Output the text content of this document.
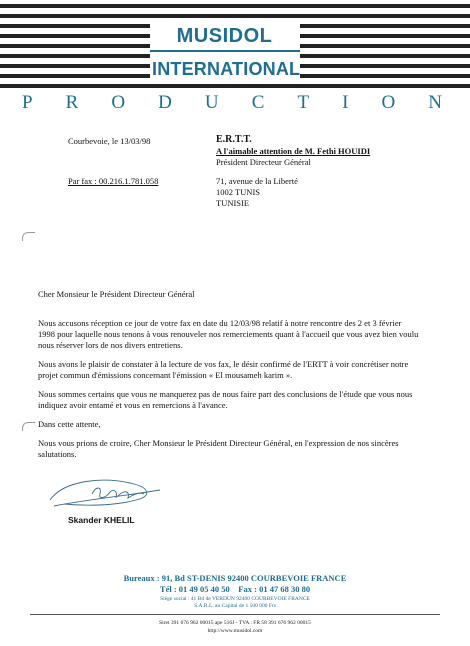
MUSIDOL
INTERNATIONAL
P R O D U C T I O N
Courbevoie, le 13/03/98
Par fax : 00.216.1.781.058
E.R.T.T.
A l'aimable attention de M. Fethi HOUIDI
Président Directeur Général
71, avenue de la Liberté
1002 TUNIS
TUNISIE
Cher Monsieur le Président Directeur Général

Nous accusons réception ce jour de votre fax en date du 12/03/98 relatif à notre rencontre des 2 et 3 février 1998 pour laquelle nous tenons à vous renouveler nos remerciements quant à l'accueil que vous avez bien voulu nous réserver lors de nos divers entretiens.

Nous avons le plaisir de constater à la lecture de vos fax, le désir confirmé de l'ERTT à voir concrétiser notre projet commun d'émissions concernant l'émission « El mousameh karim ».

Nous sommes certains que vous ne manquerez pas de nous faire part des conclusions de l'étude que vous nous indiquez avoir entamé et vous en remercions à l'avance.

Dans cette attente,

Nous vous prions de croire, Cher Monsieur le Président Directeur Général, en l'expression de nos sincères salutations.

Skander KHELIL
Bureaux : 91, Bd ST-DENIS 92400 COURBEVOIE FRANCE
Tél : 01 49 05 40 50 Fax : 01 47 68 30 80
Siège social : 41 Bd de VERDUN 92400 COURBEVOIE FRANCE
S.A.R.L. au Capital de 1 500 000 Frs
Siret 391 676 962 00015 ape 516J - TVA : FR 58 391 676 962 00015
http://www.musidol.com
